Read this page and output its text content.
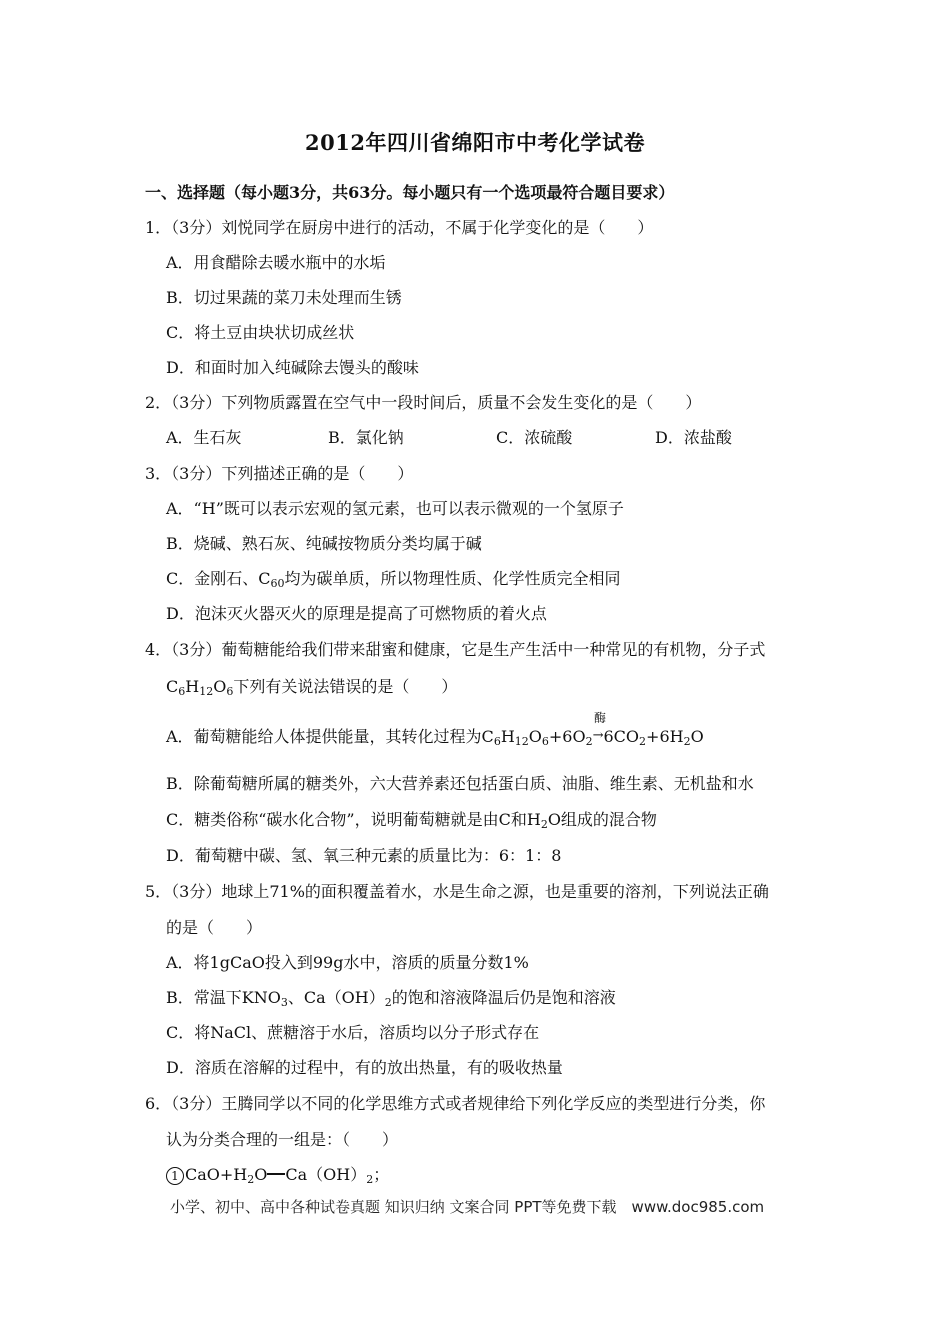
2012年四川省绵阳市中考化学试卷
一、选择题（每小题3分，共63分。每小题只有一个选项最符合题目要求）
1．（3分）刘悦同学在厨房中进行的活动，不属于化学变化的是（　　）
A．用食醋除去暖水瓶中的水垢
B．切过果蔬的菜刀未处理而生锈
C．将土豆由块状切成丝状
D．和面时加入纯碱除去馒头的酸味
2．（3分）下列物质露置在空气中一段时间后，质量不会发生变化的是（　　）
A．生石灰	B．氯化钠	C．浓硫酸	D．浓盐酸
3．（3分）下列描述正确的是（　　）
A．“H”既可以表示宏观的氢元素，也可以表示微观的一个氢原子
B．烧碱、熟石灰、纯碱按物质分类均属于碱
C．金刚石、$C_{60}$均为碳单质，所以物理性质、化学性质完全相同
D．泡沫灭火器灭火的原理是提高了可燃物质的着火点
4．（3分）葡萄糖能给我们带来甜蜜和健康，它是生产生活中一种常见的有机物，分子式
$C_6H_{12}O_6$下列有关说法错误的是（　　）
酶
A．葡萄糖能给人体提供能量，其转化过程为$C_6H_{12}O_6+6O_2\to 6CO_2+6H_2O$
B．除葡萄糖所属的糖类外，六大营养素还包括蛋白质、油脂、维生素、无机盐和水
C．糖类俗称“碳水化合物”，说明葡萄糖就是由C和$H_2O$组成的混合物
D．葡萄糖中碳、氢、氧三种元素的质量比为：6：1：8
5．（3分）地球上71%的面积覆盖着水，水是生命之源，也是重要的溶剂，下列说法正确
的是（　　）
A．将1gCaO投入到99g水中，溶质的质量分数1%
B．常温下$KNO_3$、$Ca(OH)_2$的饱和溶液降温后仍是饱和溶液
C．将NaCl、蔗糖溶于水后，溶质均以分子形式存在
D．溶质在溶解的过程中，有的放出热量，有的吸收热量
6．（3分）王腾同学以不同的化学思维方式或者规律给下列化学反应的类型进行分类，你
认为分类合理的一组是：（　　）
1 $CaO+H_2O$ $Ca(OH)_2$；
小学、初中、高中各种试卷真题 知识归纳 文案合同 PPT等免费下载　www.doc985.com
